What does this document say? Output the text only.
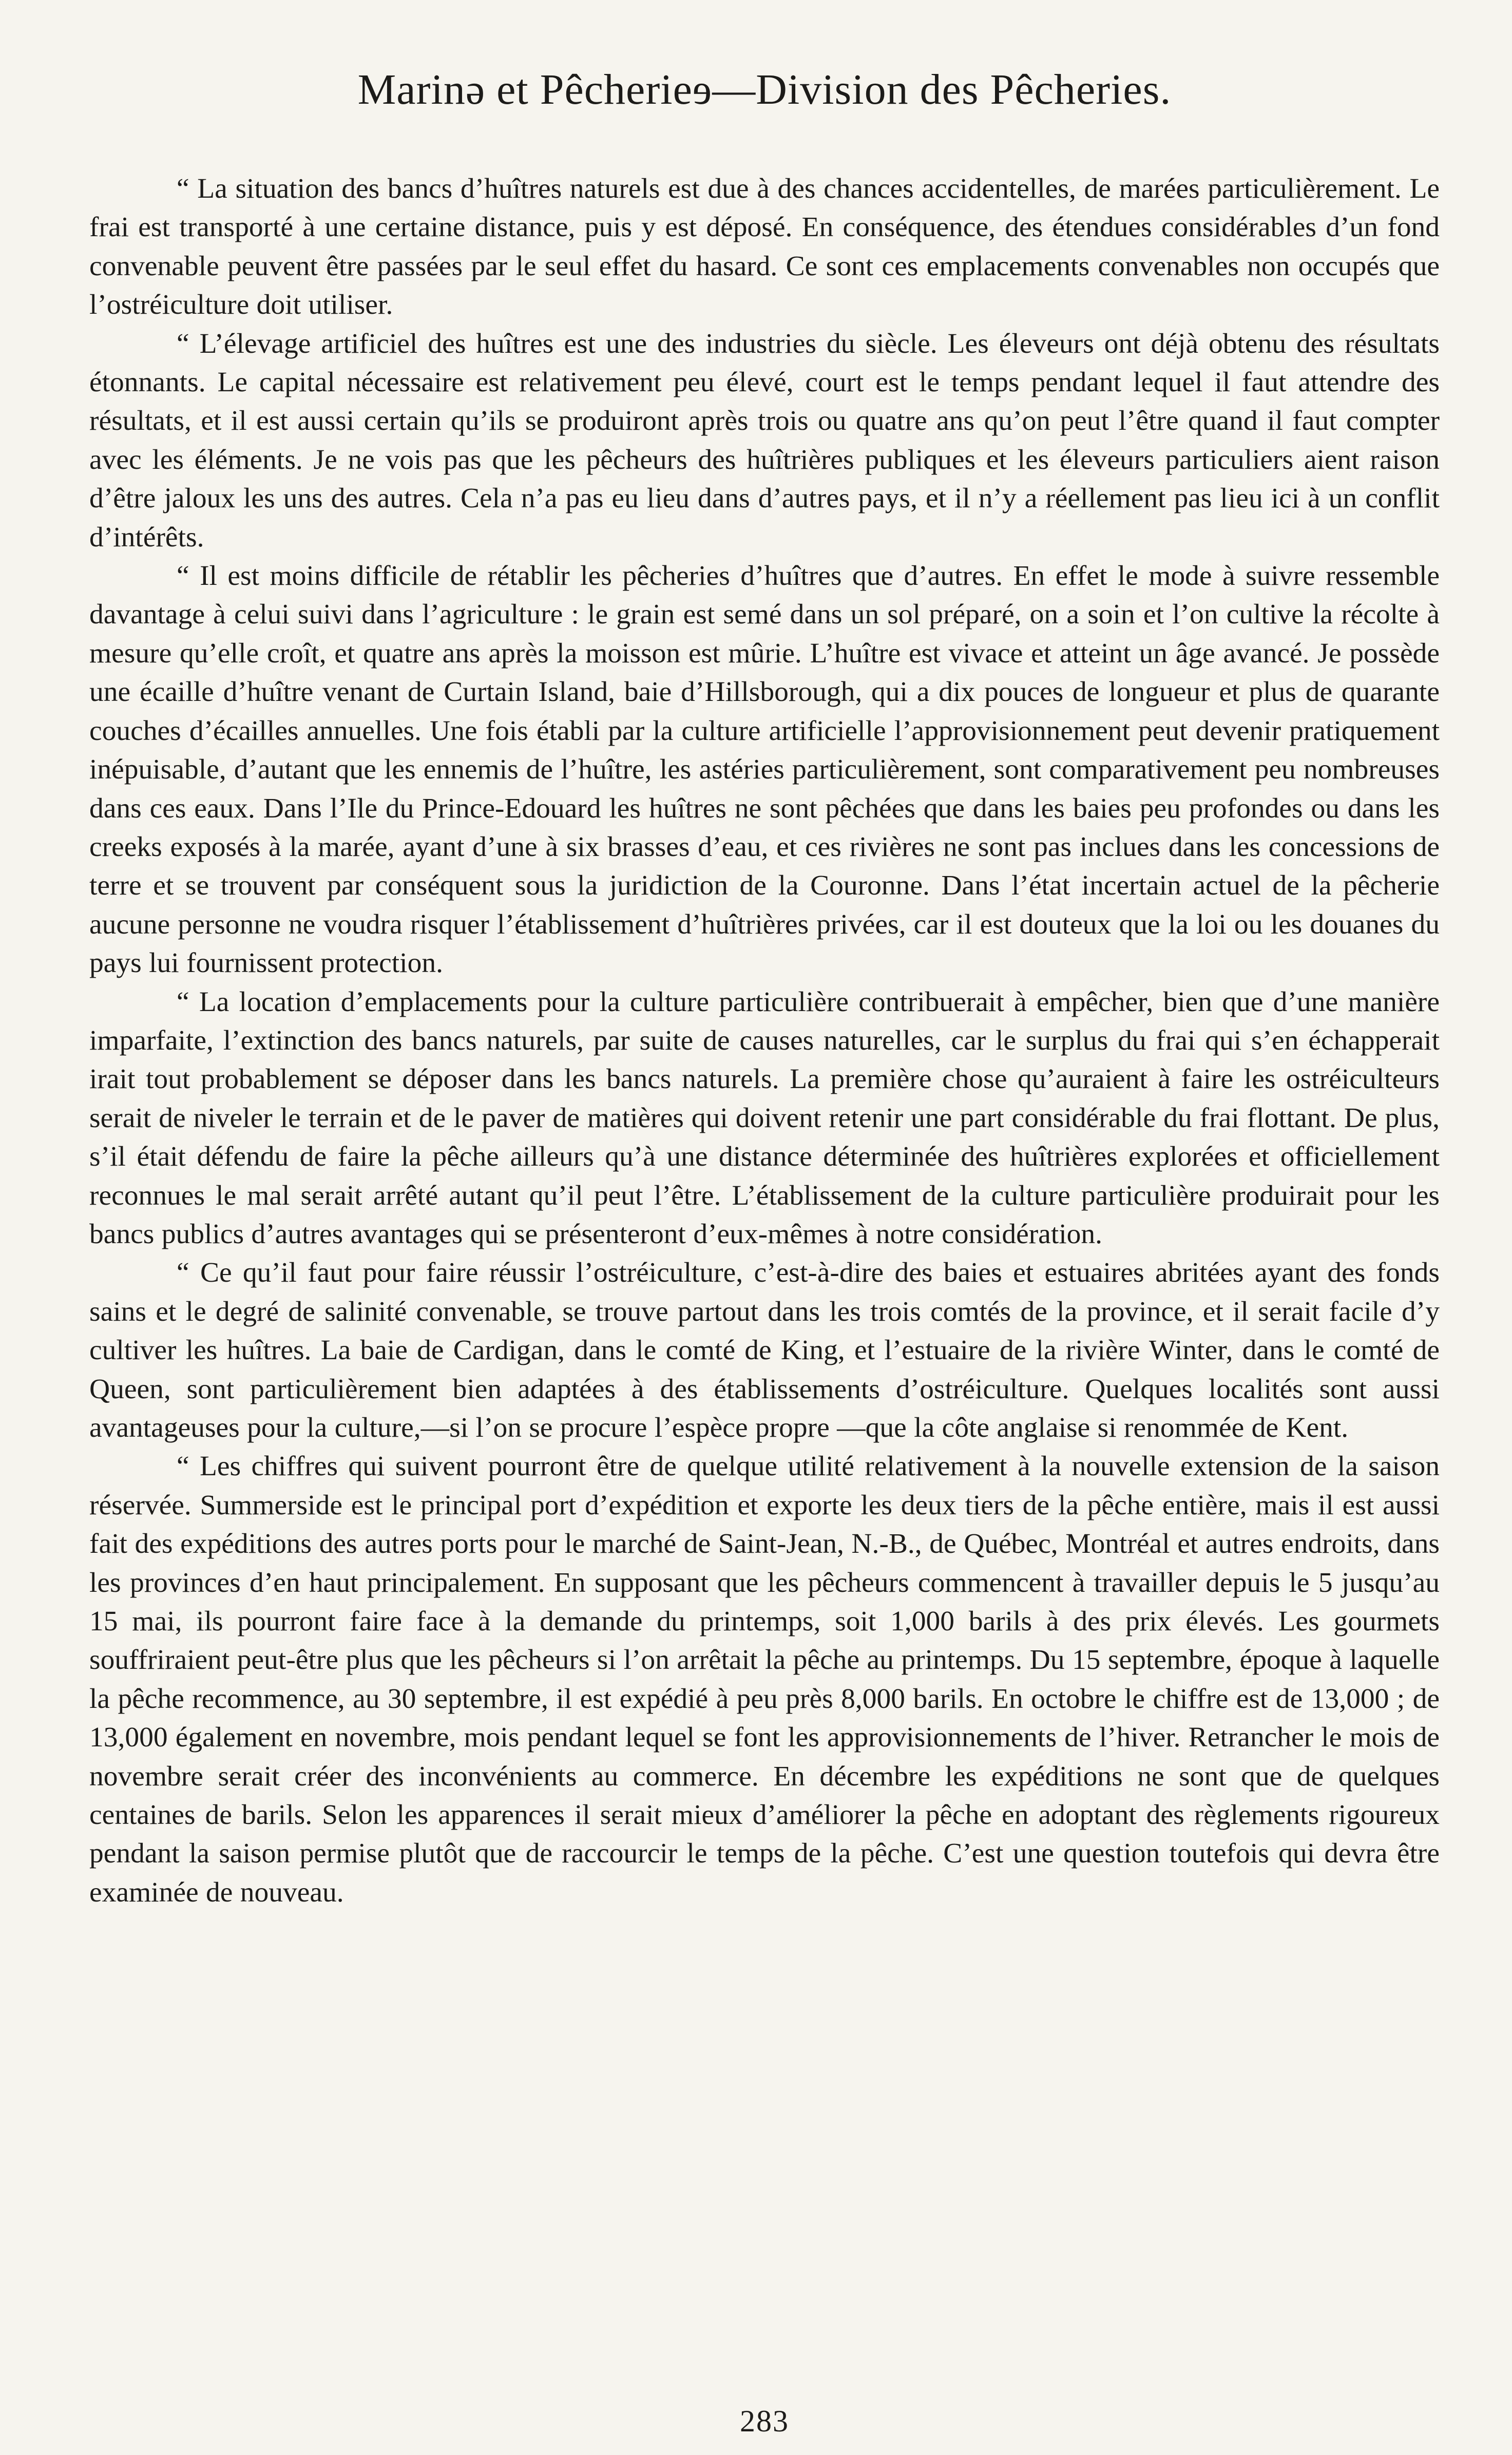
Marinə et Pêcherieɘ—Division des Pêcheries.

“ La situation des bancs d’huîtres naturels est due à des chances accidentelles, de marées particulièrement. Le frai est transporté à une certaine distance, puis y est déposé. En conséquence, des étendues considérables d’un fond convenable peuvent être passées par le seul effet du hasard. Ce sont ces emplacements convenables non occupés que l’ostréiculture doit utiliser.

“ L’élevage artificiel des huîtres est une des industries du siècle. Les éleveurs ont déjà obtenu des résultats étonnants. Le capital nécessaire est relativement peu élevé, court est le temps pendant lequel il faut attendre des résultats, et il est aussi certain qu’ils se produiront après trois ou quatre ans qu’on peut l’être quand il faut compter avec les éléments. Je ne vois pas que les pêcheurs des huîtrières publiques et les éleveurs particuliers aient raison d’être jaloux les uns des autres. Cela n’a pas eu lieu dans d’autres pays, et il n’y a réellement pas lieu ici à un conflit d’intérêts.

“ Il est moins difficile de rétablir les pêcheries d’huîtres que d’autres. En effet le mode à suivre ressemble davantage à celui suivi dans l’agriculture : le grain est semé dans un sol préparé, on a soin et l’on cultive la récolte à mesure qu’elle croît, et quatre ans après la moisson est mûrie. L’huître est vivace et atteint un âge avancé. Je possède une écaille d’huître venant de Curtain Island, baie d’Hillsborough, qui a dix pouces de longueur et plus de quarante couches d’écailles annuelles. Une fois établi par la culture artificielle l’approvisionnement peut devenir pratiquement inépuisable, d’autant que les ennemis de l’huître, les astéries particulièrement, sont comparativement peu nombreuses dans ces eaux. Dans l’Ile du Prince-Edouard les huîtres ne sont pêchées que dans les baies peu profondes ou dans les creeks exposés à la marée, ayant d’une à six brasses d’eau, et ces rivières ne sont pas inclues dans les concessions de terre et se trouvent par conséquent sous la juridiction de la Couronne. Dans l’état incertain actuel de la pêcherie aucune personne ne voudra risquer l’établissement d’huîtrières privées, car il est douteux que la loi ou les douanes du pays lui fournissent protection.

“ La location d’emplacements pour la culture particulière contribuerait à empêcher, bien que d’une manière imparfaite, l’extinction des bancs naturels, par suite de causes naturelles, car le surplus du frai qui s’en échapperait irait tout probablement se déposer dans les bancs naturels. La première chose qu’auraient à faire les ostréiculteurs serait de niveler le terrain et de le paver de matières qui doivent retenir une part considérable du frai flottant. De plus, s’il était défendu de faire la pêche ailleurs qu’à une distance déterminée des huîtrières explorées et officiellement reconnues le mal serait arrêté autant qu’il peut l’être. L’établissement de la culture particulière produirait pour les bancs publics d’autres avantages qui se présenteront d’eux-mêmes à notre considération.

“ Ce qu’il faut pour faire réussir l’ostréiculture, c’est-à-dire des baies et estuaires abritées ayant des fonds sains et le degré de salinité convenable, se trouve partout dans les trois comtés de la province, et il serait facile d’y cultiver les huîtres. La baie de Cardigan, dans le comté de King, et l’estuaire de la rivière Winter, dans le comté de Queen, sont particulièrement bien adaptées à des établissements d’ostréiculture. Quelques localités sont aussi avantageuses pour la culture,—si l’on se procure l’espèce propre —que la côte anglaise si renommée de Kent.

“ Les chiffres qui suivent pourront être de quelque utilité relativement à la nouvelle extension de la saison réservée. Summerside est le principal port d’expédition et exporte les deux tiers de la pêche entière, mais il est aussi fait des expéditions des autres ports pour le marché de Saint-Jean, N.-B., de Québec, Montréal et autres endroits, dans les provinces d’en haut principalement. En supposant que les pêcheurs commencent à travailler depuis le 5 jusqu’au 15 mai, ils pourront faire face à la demande du printemps, soit 1,000 barils à des prix élevés. Les gourmets souffriraient peut-être plus que les pêcheurs si l’on arrêtait la pêche au printemps. Du 15 septembre, époque à laquelle la pêche recommence, au 30 septembre, il est expédié à peu près 8,000 barils. En octobre le chiffre est de 13,000 ; de 13,000 également en novembre, mois pendant lequel se font les approvisionnements de l’hiver. Retrancher le mois de novembre serait créer des inconvénients au commerce. En décembre les expéditions ne sont que de quelques centaines de barils. Selon les apparences il serait mieux d’améliorer la pêche en adoptant des règlements rigoureux pendant la saison permise plutôt que de raccourcir le temps de la pêche. C’est une question toutefois qui devra être examinée de nouveau.

283
